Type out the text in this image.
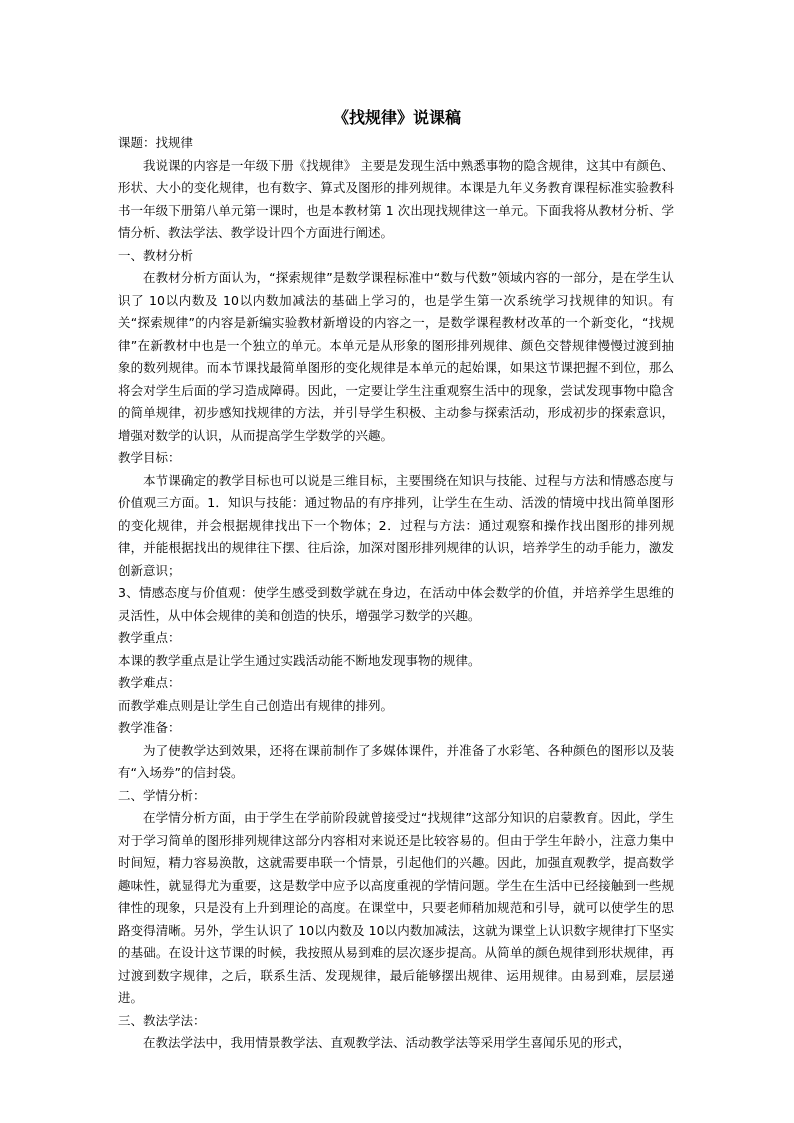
《找规律》说课稿

课题：找规律

我说课的内容是一年级下册《找规律》 主要是发现生活中熟悉事物的隐含规律，这其中有颜色、形状、大小的变化规律，也有数字、算式及图形的排列规律。本课是九年义务教育课程标准实验教科书一年级下册第八单元第一课时，也是本教材第 1 次出现找规律这一单元。下面我将从教材分析、学情分析、教法学法、教学设计四个方面进行阐述。

一、教材分析

在教材分析方面认为，“探索规律”是数学课程标准中“数与代数”领域内容的一部分，是在学生认识了 10以内数及 10以内数加减法的基础上学习的，也是学生第一次系统学习找规律的知识。有关“探索规律”的内容是新编实验教材新增设的内容之一，是数学课程教材改革的一个新变化，“找规律”在新教材中也是一个独立的单元。本单元是从形象的图形排列规律、颜色交替规律慢慢过渡到抽象的数列规律。而本节课找最简单图形的变化规律是本单元的起始课，如果这节课把握不到位，那么将会对学生后面的学习造成障碍。因此，一定要让学生注重观察生活中的现象，尝试发现事物中隐含的简单规律，初步感知找规律的方法，并引导学生积极、主动参与探索活动，形成初步的探索意识，增强对数学的认识，从而提高学生学数学的兴趣。

教学目标：

本节课确定的教学目标也可以说是三维目标，主要围绕在知识与技能、过程与方法和情感态度与价值观三方面。1．知识与技能：通过物品的有序排列，让学生在生动、活泼的情境中找出简单图形的变化规律，并会根据规律找出下一个物体；2．过程与方法：通过观察和操作找出图形的排列规律，并能根据找出的规律往下摆、往后涂，加深对图形排列规律的认识，培养学生的动手能力，激发创新意识；

3、情感态度与价值观：使学生感受到数学就在身边，在活动中体会数学的价值，并培养学生思维的灵活性，从中体会规律的美和创造的快乐，增强学习数学的兴趣。

教学重点：

本课的教学重点是让学生通过实践活动能不断地发现事物的规律。

教学难点：

而教学难点则是让学生自己创造出有规律的排列。

教学准备：

为了使教学达到效果，还将在课前制作了多媒体课件，并准备了水彩笔、各种颜色的图形以及装有“入场券”的信封袋。

二、学情分析：

在学情分析方面，由于学生在学前阶段就曾接受过“找规律”这部分知识的启蒙教育。因此，学生对于学习简单的图形排列规律这部分内容相对来说还是比较容易的。但由于学生年龄小，注意力集中时间短，精力容易涣散，这就需要串联一个情景，引起他们的兴趣。因此，加强直观教学，提高数学趣味性，就显得尤为重要，这是数学中应予以高度重视的学情问题。学生在生活中已经接触到一些规律性的现象，只是没有上升到理论的高度。在课堂中，只要老师稍加规范和引导，就可以使学生的思路变得清晰。另外，学生认识了 10以内数及 10以内数加减法，这就为课堂上认识数字规律打下坚实的基础。在设计这节课的时候，我按照从易到难的层次逐步提高。从简单的颜色规律到形状规律，再过渡到数字规律，之后，联系生活、发现规律，最后能够摆出规律、运用规律。由易到难，层层递进。

三、教法学法：

在教法学法中，我用情景教学法、直观教学法、活动教学法等采用学生喜闻乐见的形式，
